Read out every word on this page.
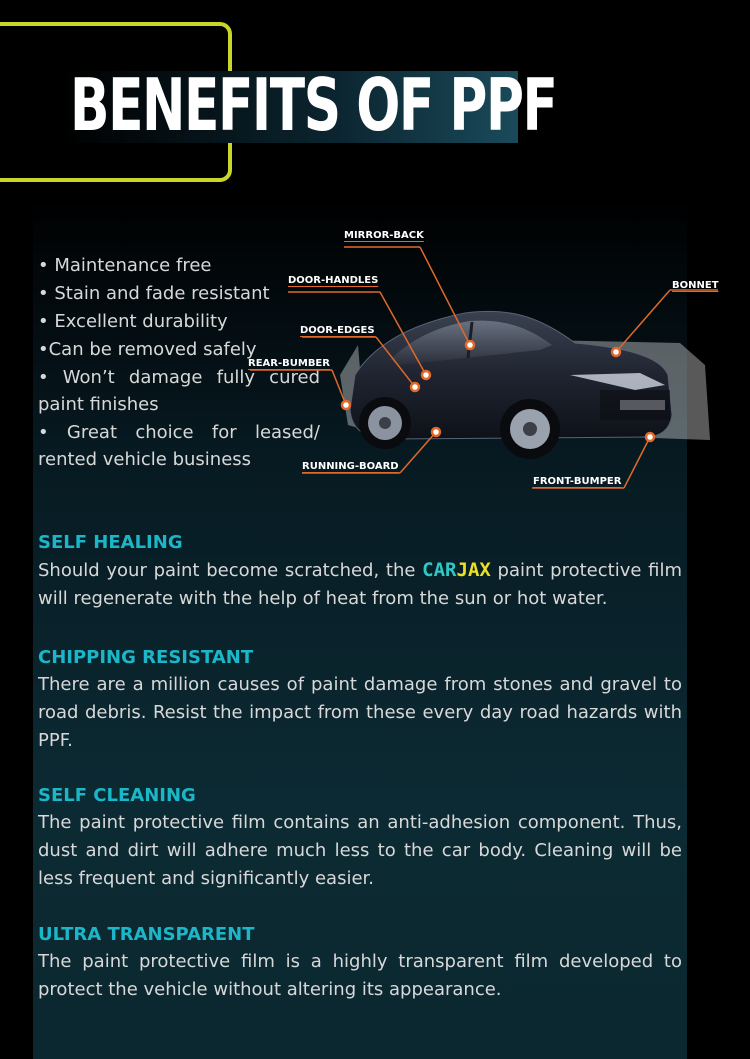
BENEFITS OF PPF
• Maintenance free
• Stain and fade resistant
• Excellent durability
•Can be removed safely
• Won’t damage fully cured paint finishes
• Great choice for leased/ rented vehicle business
MIRROR-BACK
DOOR-HANDLES	BONNET
DOOR-EDGES
REAR-BUMBER
RUNNING-BOARD
FRONT-BUMPER
SELF HEALING

Should your paint become scratched, the CARJAX paint protective film will regenerate with the help of heat from the sun or hot water.

CHIPPING RESISTANT

There are a million causes of paint damage from stones and gravel to road debris. Resist the impact from these every day road hazards with PPF.

SELF CLEANING

The paint protective film contains an anti-adhesion component. Thus, dust and dirt will adhere much less to the car body. Cleaning will be less frequent and significantly easier.

ULTRA TRANSPARENT

The paint protective film is a highly transparent film developed to protect the vehicle without altering its appearance.
